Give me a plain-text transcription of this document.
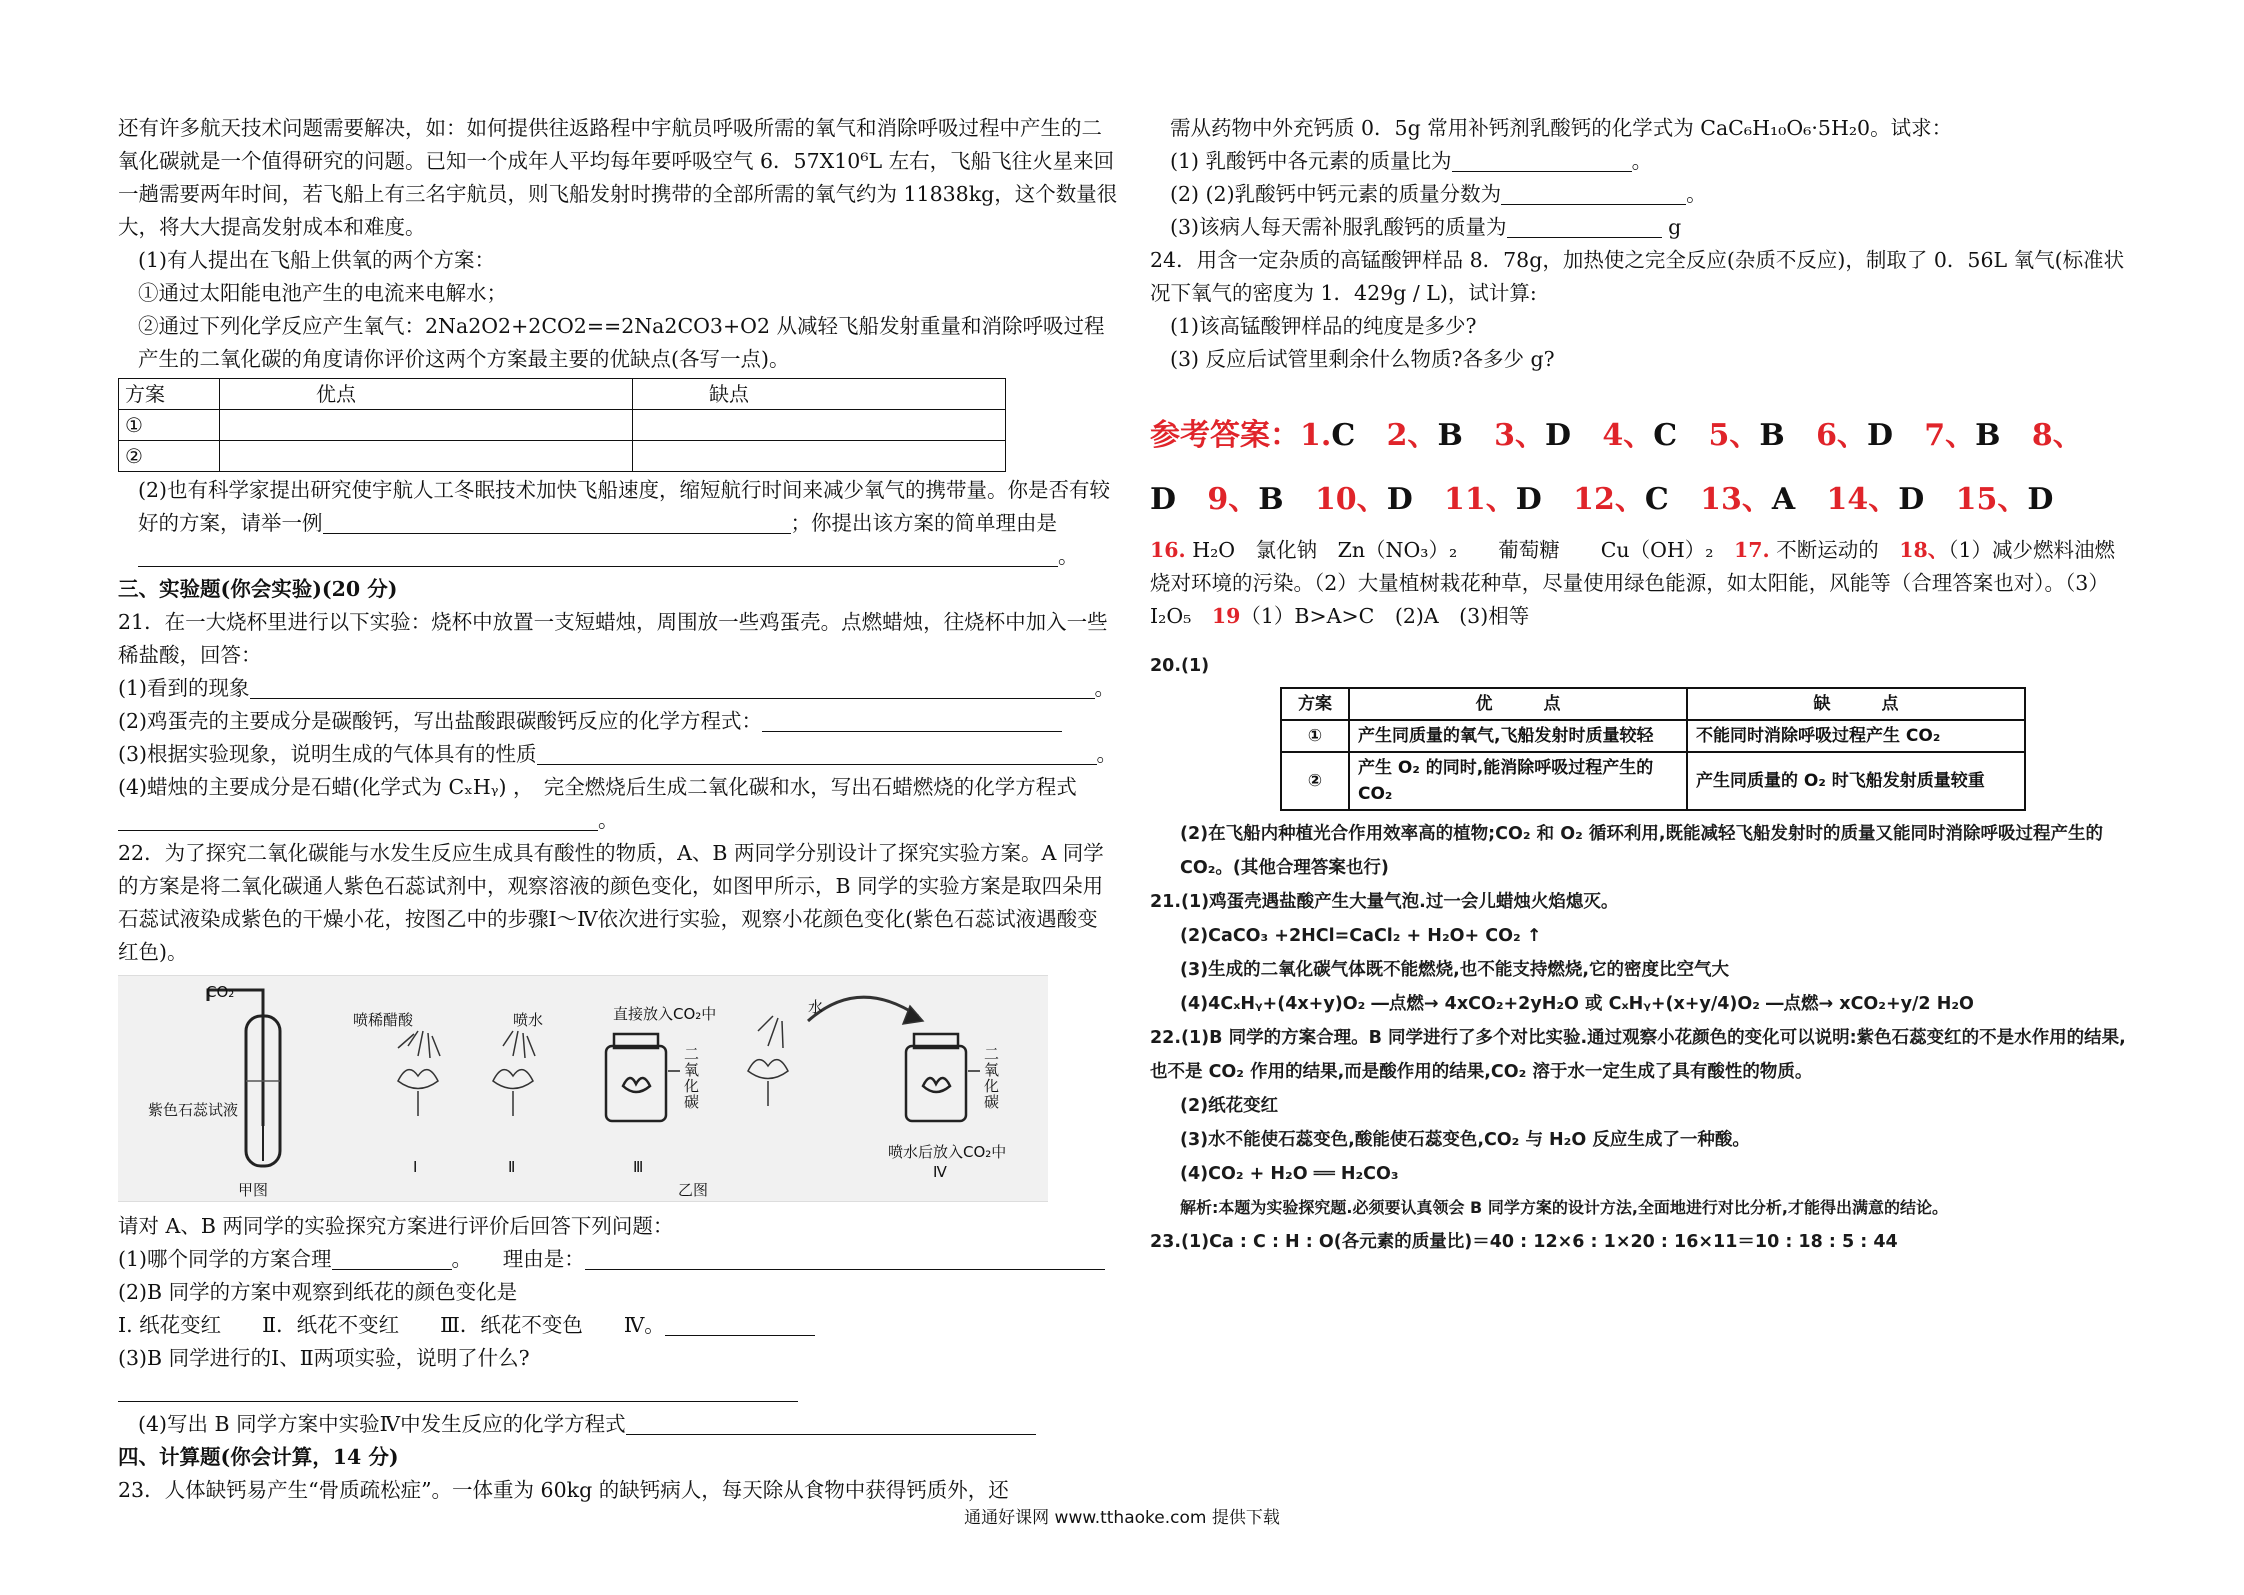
还有许多航天技术问题需要解决，如：如何提供往返路程中宇航员呼吸所需的氧气和消除呼吸过程中产生的二氧化碳就是一个值得研究的问题。已知一个成年人平均每年要呼吸空气 6．57X10⁶L 左右，飞船飞往火星来回一趟需要两年时间，若飞船上有三名宇航员，则飞船发射时携带的全部所需的氧气约为 11838kg，这个数量很大，将大大提高发射成本和难度。

(1)有人提出在飞船上供氧的两个方案：

①通过太阳能电池产生的电流来电解水；

②通过下列化学反应产生氧气：2Na2O2+2CO2==2Na2CO3+O2 从减轻飞船发射重量和消除呼吸过程产生的二氧化碳的角度请你评价这两个方案最主要的优缺点(各写一点)。

方案	优点	缺点
①		
②		

(2)也有科学家提出研究使宇航人工冬眠技术加快飞船速度，缩短航行时间来减少氧气的携带量。你是否有较好的方案，请举一例	；你提出该方案的简单理由是。

三、实验题(你会实验)(20 分)

21．在一大烧杯里进行以下实验：烧杯中放置一支短蜡烛，周围放一些鸡蛋壳。点燃蜡烛，往烧杯中加入一些稀盐酸，回答：

(1)看到的现象	。

(2)鸡蛋壳的主要成分是碳酸钙，写出盐酸跟碳酸钙反应的化学方程式：

(3)根据实验现象，说明生成的气体具有的性质	。

(4)蜡烛的主要成分是石蜡(化学式为 CₓHᵧ) ，　完全燃烧后生成二氧化碳和水，写出石蜡燃烧的化学方程式。

22．为了探究二氧化碳能与水发生反应生成具有酸性的物质，A、B 两同学分别设计了探究实验方案。A 同学的方案是将二氧化碳通人紫色石蕊试剂中，观察溶液的颜色变化，如图甲所示，B 同学的实验方案是取四朵用石蕊试液染成紫色的干燥小花，按图乙中的步骤Ⅰ～Ⅳ依次进行实验，观察小花颜色变化(紫色石蕊试液遇酸变红色)。

CO₂
紫色石蕊试液
甲图
喷稀醋酸	喷水	直接放入CO₂中	水
二氧化碳
二氧化碳
喷水后放入CO₂中
Ⅰ	Ⅱ	Ⅲ	Ⅳ
乙图

请对 A、B 两同学的实验探究方案进行评价后回答下列问题：

(1)哪个同学的方案合理	。　　理由是：

(2)B 同学的方案中观察到纸花的颜色变化是

Ⅰ. 纸花变红　　Ⅱ．纸花不变红　　Ⅲ．纸花不变色　　Ⅳ。

(3)B 同学进行的Ⅰ、Ⅱ两项实验，说明了什么?

(4)写出 B 同学方案中实验Ⅳ中发生反应的化学方程式

四、计算题(你会计算，14 分)

23．人体缺钙易产生“骨质疏松症”。一体重为 60kg 的缺钙病人，每天除从食物中获得钙质外，还

需从药物中外充钙质 0．5g 常用补钙剂乳酸钙的化学式为 CaC₆H₁₀O₆·5H₂0。试求：

(1) 乳酸钙中各元素的质量比为	。

(2) (2)乳酸钙中钙元素的质量分数为	。

(3)该病人每天需补服乳酸钙的质量为	g

24．用含一定杂质的高锰酸钾样品 8．78g，加热使之完全反应(杂质不反应)，制取了 0．56L 氧气(标准状况下氧气的密度为 1．429g / L)，试计算:

(1)该高锰酸钾样品的纯度是多少?

(3) 反应后试管里剩余什么物质?各多少 g?

参考答案：1.C 2、B 3、D 4、C 5、B 6、D 7、B 8、D 9、B 10、D 11、D 12、C 13、A 14、D 15、D

16. H₂O　氯化钠　Zn（NO₃）₂　　葡萄糖　　Cu（OH）₂　17. 不断运动的　18、（1）减少燃料油燃烧对环境的污染。（2）大量植树栽花种草，尽量使用绿色能源，如太阳能，风能等（合理答案也对）。（3）I₂O₅　19（1）B>A>C　(2)A　(3)相等

20.(1)
方案	优　　　点	缺　　　点
①	产生同质量的氧气,飞船发射时质量较轻	不能同时消除呼吸过程产生 CO₂
②	产生 O₂ 的同时,能消除呼吸过程产生的 CO₂	产生同质量的 O₂ 时飞船发射质量较重
(2)在飞船内种植光合作用效率高的植物;CO₂ 和 O₂ 循环利用,既能减轻飞船发射时的质量又能同时消除呼吸过程产生的 CO₂。(其他合理答案也行)
21.(1)鸡蛋壳遇盐酸产生大量气泡.过一会儿蜡烛火焰熄灭。
(2)CaCO₃ +2HCl=CaCl₂ + H₂O+ CO₂ ↑
(3)生成的二氧化碳气体既不能燃烧,也不能支持燃烧,它的密度比空气大
(4)4CₓHᵧ+(4x+y)O₂ ―点燃→ 4xCO₂+2yH₂O 或 CₓHᵧ+(x+y/4)O₂ ―点燃→ xCO₂+y/2 H₂O
22.(1)B 同学的方案合理。B 同学进行了多个对比实验.通过观察小花颜色的变化可以说明:紫色石蕊变红的不是水作用的结果,也不是 CO₂ 作用的结果,而是酸作用的结果,CO₂ 溶于水一定生成了具有酸性的物质。
(2)纸花变红
(3)水不能使石蕊变色,酸能使石蕊变色,CO₂ 与 H₂O 反应生成了一种酸。
(4)CO₂ + H₂O ══ H₂CO₃
解析:本题为实验探究题.必须要认真领会 B 同学方案的设计方法,全面地进行对比分析,才能得出满意的结论。
23.(1)Ca : C : H : O(各元素的质量比)＝40 : 12×6 : 1×20 : 16×11＝10 : 18 : 5 : 44
通通好课网 www.tthaoke.com 提供下载
